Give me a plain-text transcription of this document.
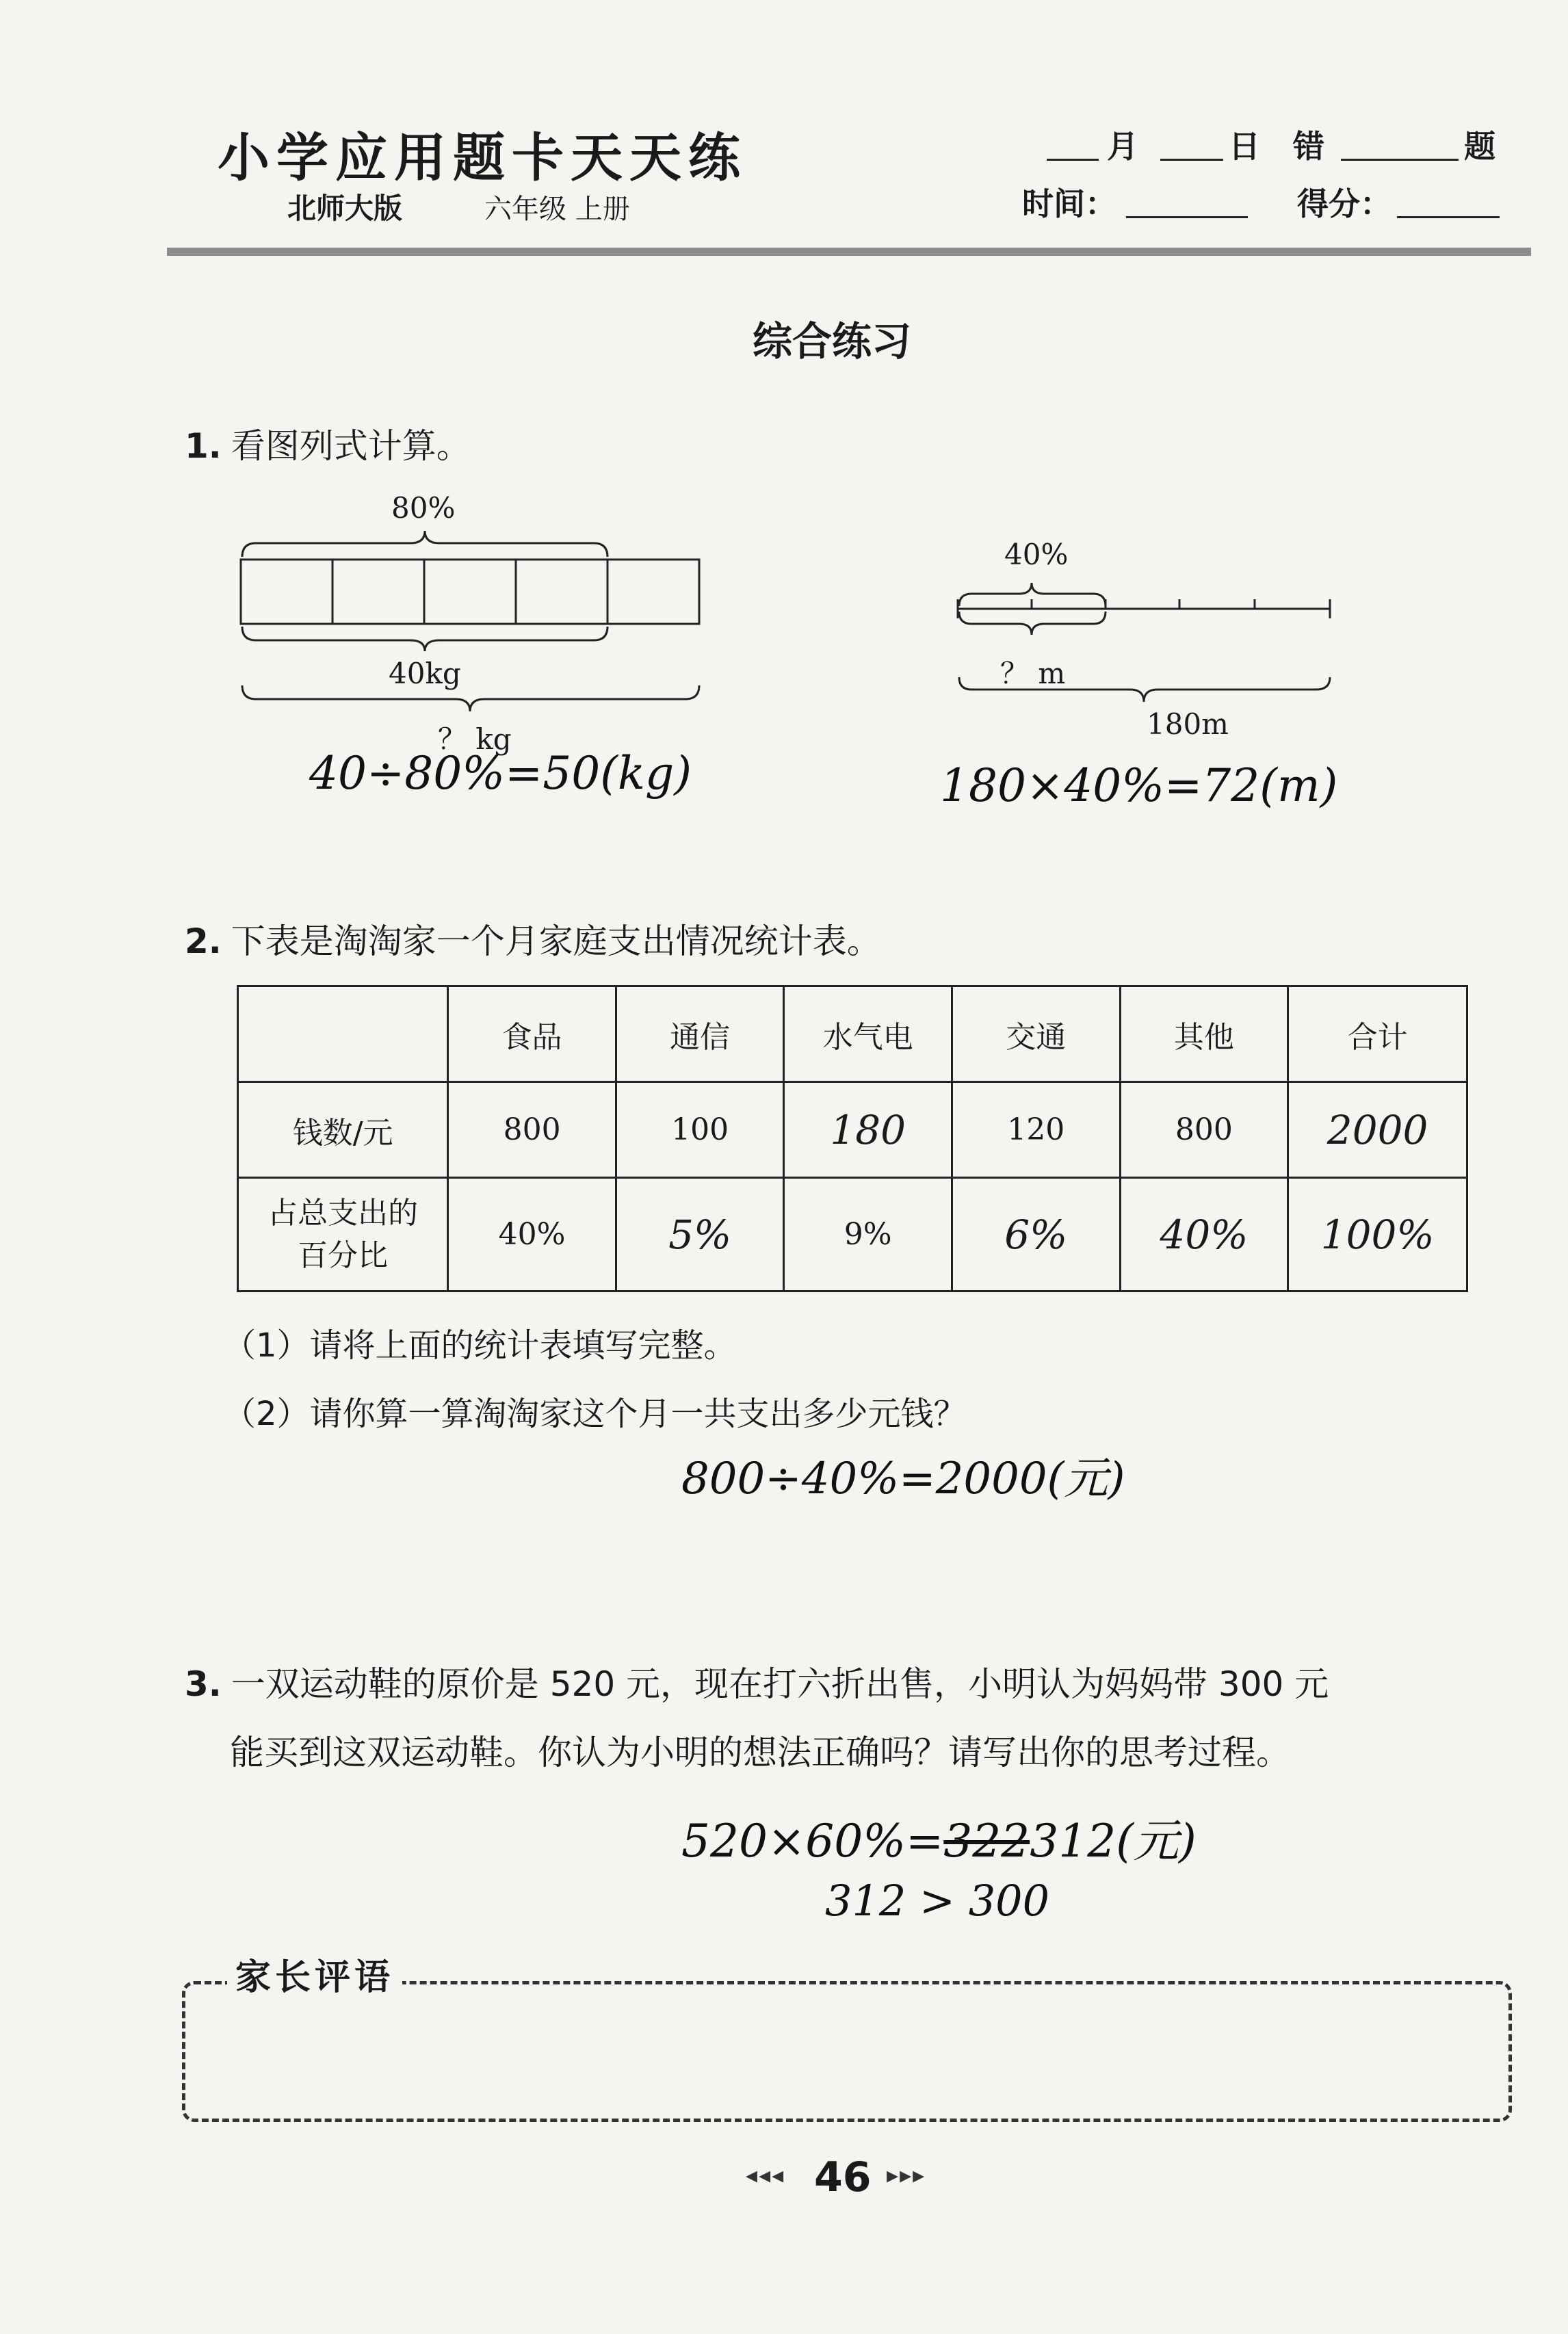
小学应用题卡天天练
北师大版	六年级 上册
月	日 错	题
时间：	得分：
综合练习
1. 看图列式计算。
80%
40kg
？ kg
40÷80%=50(kg)
40%
？ m
180m
180×40%=72(m)
2. 下表是淘淘家一个月家庭支出情况统计表。
	食品	通信	水气电	交通	其他	合计
钱数/元	800	100	180	120	800	2000

占总支出的
百分比	40%	5%	9%	6%	40%	100%
（1）请将上面的统计表填写完整。
（2）请你算一算淘淘家这个月一共支出多少元钱？
800÷40%=2000(元)
3. 一双运动鞋的原价是 520 元，现在打六折出售，小明认为妈妈带 300 元
能买到这双运动鞋。你认为小明的想法正确吗？请写出你的思考过程。
520×60%=322312(元)
312 > 300
家长评语
◂◂◂ 46 ▸▸▸
